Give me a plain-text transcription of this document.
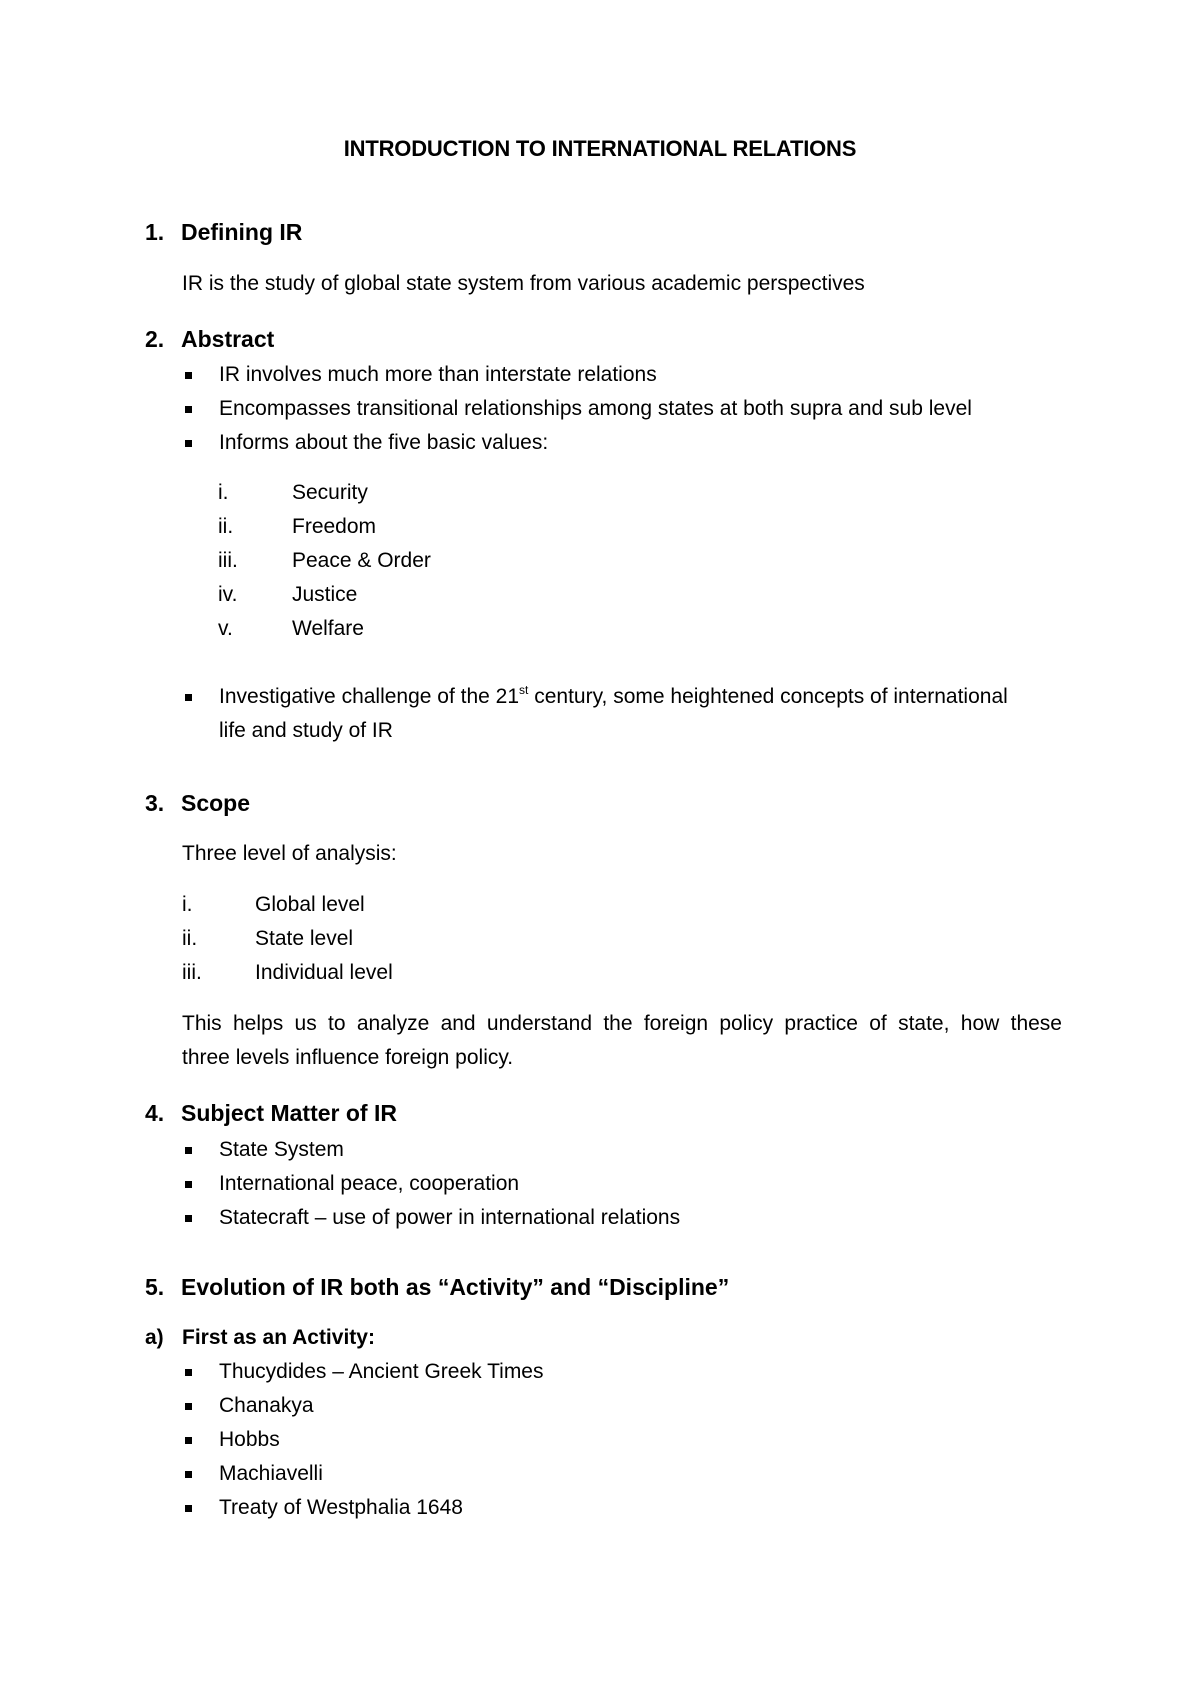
INTRODUCTION TO INTERNATIONAL RELATIONS
1. Defining IR
IR is the study of global state system from various academic perspectives
2. Abstract
IR involves much more than interstate relations
Encompasses transitional relationships among states at both supra and sub level
Informs about the five basic values:
i.	Security
ii.	Freedom
iii.	Peace & Order
iv.	Justice
v.	Welfare
Investigative challenge of the 21st century, some heightened concepts of international
life and study of IR
3. Scope
Three level of analysis:
i.	Global level
ii.	State level
iii.	Individual level
This helps us to analyze and understand the foreign policy practice of state, how these
three levels influence foreign policy.
4. Subject Matter of IR
State System
International peace, cooperation
Statecraft – use of power in international relations
5. Evolution of IR both as “Activity” and “Discipline”
a) First as an Activity:
Thucydides – Ancient Greek Times
Chanakya
Hobbs
Machiavelli
Treaty of Westphalia 1648
